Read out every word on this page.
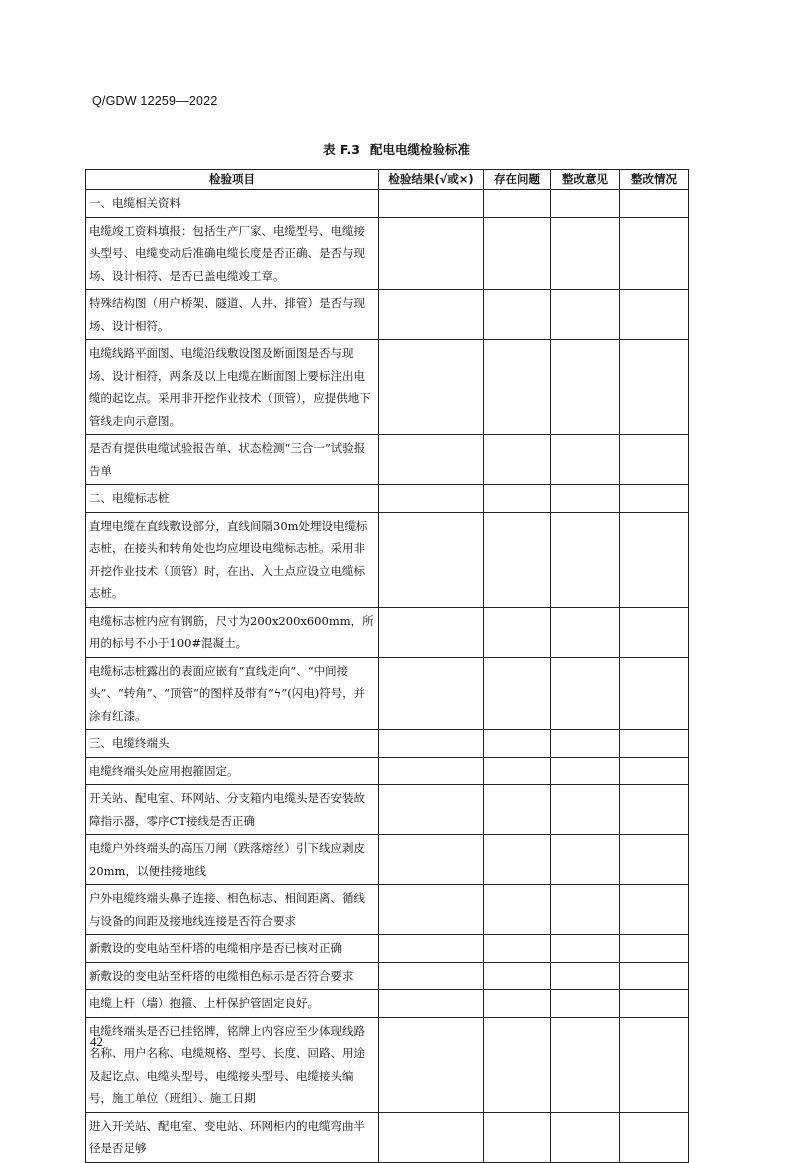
Q/GDW 12259—2022
表 F.3 配电电缆检验标准
检验项目	检验结果(√或×)	存在问题	整改意见	整改情况
一、电缆相关资料				
电缆竣工资料填报：包括生产厂家、电缆型号、电缆接头型号、电缆变动后准确电缆长度是否正确、是否与现场、设计相符、是否已盖电缆竣工章。				
特殊结构图（用户桥架、隧道、人井、排管）是否与现场、设计相符。				
电缆线路平面图、电缆沿线敷设图及断面图是否与现场、设计相符，两条及以上电缆在断面图上要标注出电缆的起讫点。采用非开挖作业技术（顶管），应提供地下管线走向示意图。				
是否有提供电缆试验报告单、状态检测“三合一”试验报告单				
二、电缆标志桩				
直埋电缆在直线敷设部分，直线间隔30m处埋设电缆标志桩，在接头和转角处也均应埋设电缆标志桩。采用非开挖作业技术（顶管）时，在出、入土点应设立电缆标志桩。				
电缆标志桩内应有钢筋，尺寸为200x200x600mm，所用的标号不小于100#混凝土。				
电缆标志桩露出的表面应嵌有“直线走向”、“中间接头”、“转角”、“顶管”的图样及带有“ϟ”(闪电)符号，并涂有红漆。				
三、电缆终端头				
电缆终端头处应用抱箍固定。				
开关站、配电室、环网站、分支箱内电缆头是否安装故障指示器，零序CT接线是否正确				
电缆户外终端头的高压刀闸（跌落熔丝）引下线应剥皮20mm，以便挂接地线				
户外电缆终端头鼻子连接、相色标志、相间距离、循线与设备的间距及接地线连接是否符合要求				
新敷设的变电站至杆塔的电缆相序是否已核对正确				
新敷设的变电站至杆塔的电缆相色标示是否符合要求				
电缆上杆（墙）抱箍、上杆保护管固定良好。				
电缆终端头是否已挂铭牌，铭牌上内容应至少体现线路名称、用户名称、电缆规格、型号、长度、回路、用途及起讫点、电缆头型号、电缆接头型号、电缆接头编号，施工单位（班组）、施工日期				
进入开关站、配电室、变电站、环网柜内的电缆弯曲半径是否足够				
42
